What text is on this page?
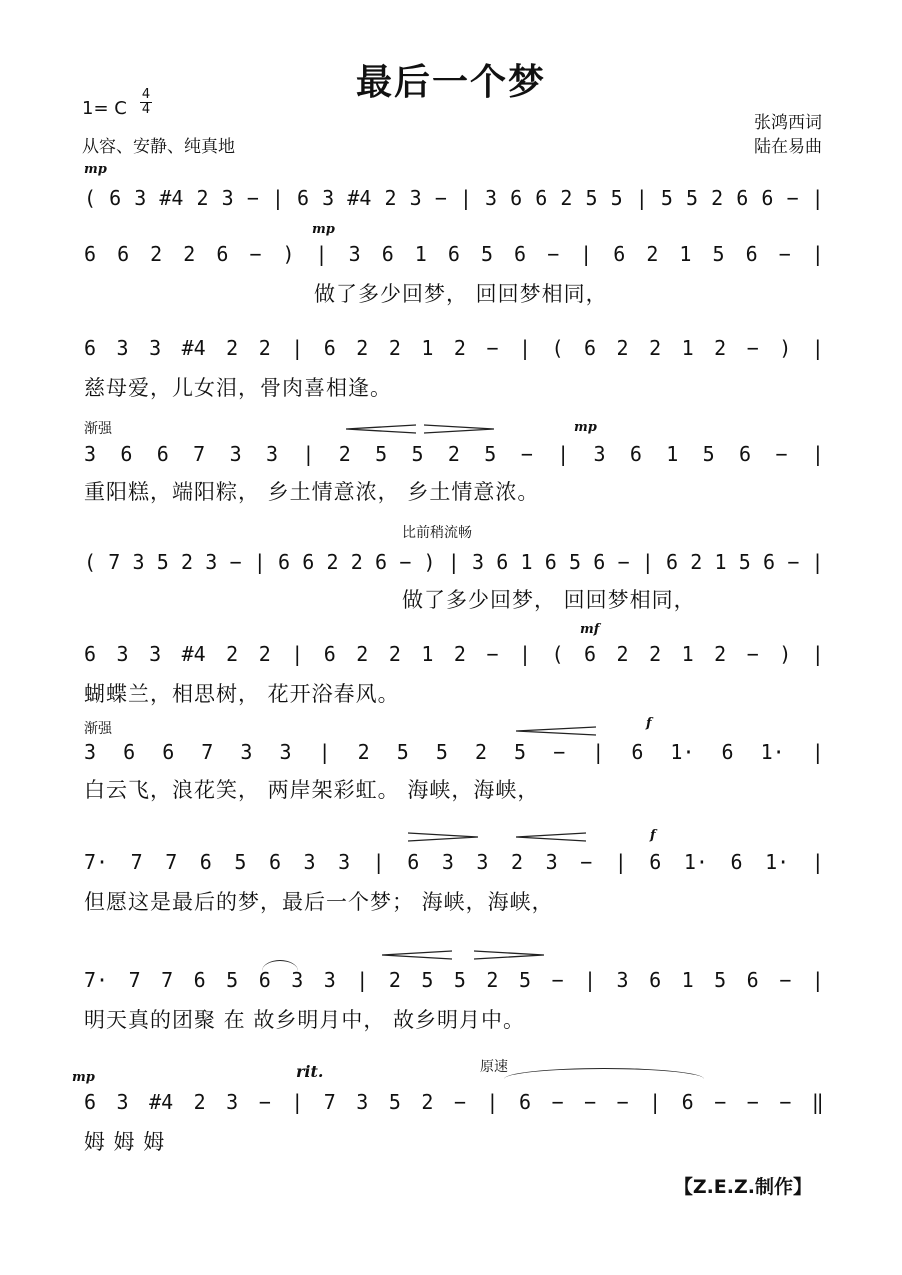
最后一个梦
1= C
4
4
从容、安静、纯真地
张鸿西词
陆在易曲
mp
( 6 3 #4 2 3 − | 6 3 #4 2 3 − | 3 6 6 2 5 5 | 5 5 2 6 6 − |
mp
6 6 2 2 6 − ) | 3 6 1 6 5 6 − | 6 2 1 5 6 − |
做了多少回梦， 回回梦相同，
6 3 3 #4 2 2 | 6 2 2 1 2 − | ( 6 2 2 1 2 − ) |
慈母爱，儿女泪，骨肉喜相逢。
渐强	mp
3 6 6 7 3 3 | 2 5 5 2 5 − | 3 6 1 5 6 − |
重阳糕，端阳粽， 乡土情意浓， 乡土情意浓。
比前稍流畅
( 7 3 5 2 3 − | 6 6 2 2 6 − ) | 3 6 1 6 5 6 − | 6 2 1 5 6 − |
做了多少回梦， 回回梦相同，
mf
6 3 3 #4 2 2 | 6 2 2 1 2 − | ( 6 2 2 1 2 − ) |
蝴蝶兰，相思树， 花开浴春风。
渐强	f
3 6 6 7 3 3 | 2 5 5 2 5 − | 6 1· 6 1· |
白云飞，浪花笑， 两岸架彩虹。 海峡，海峡，
f
7· 7 7 6 5 6 3 3 | 6 3 3 2 3 − | 6 1· 6 1· |
但愿这是最后的梦，最后一个梦； 海峡，海峡，
7· 7 7 6 5 6 3 3 | 2 5 5 2 5 − | 3 6 1 5 6 − |
明天真的团聚 在 故乡明月中， 故乡明月中。
mp	rit.	原速
6 3 #4 2 3 − | 7 3 5 2 − | 6 − − − | 6 − − − ‖
姆 姆 姆
【Z.E.Z.制作】
